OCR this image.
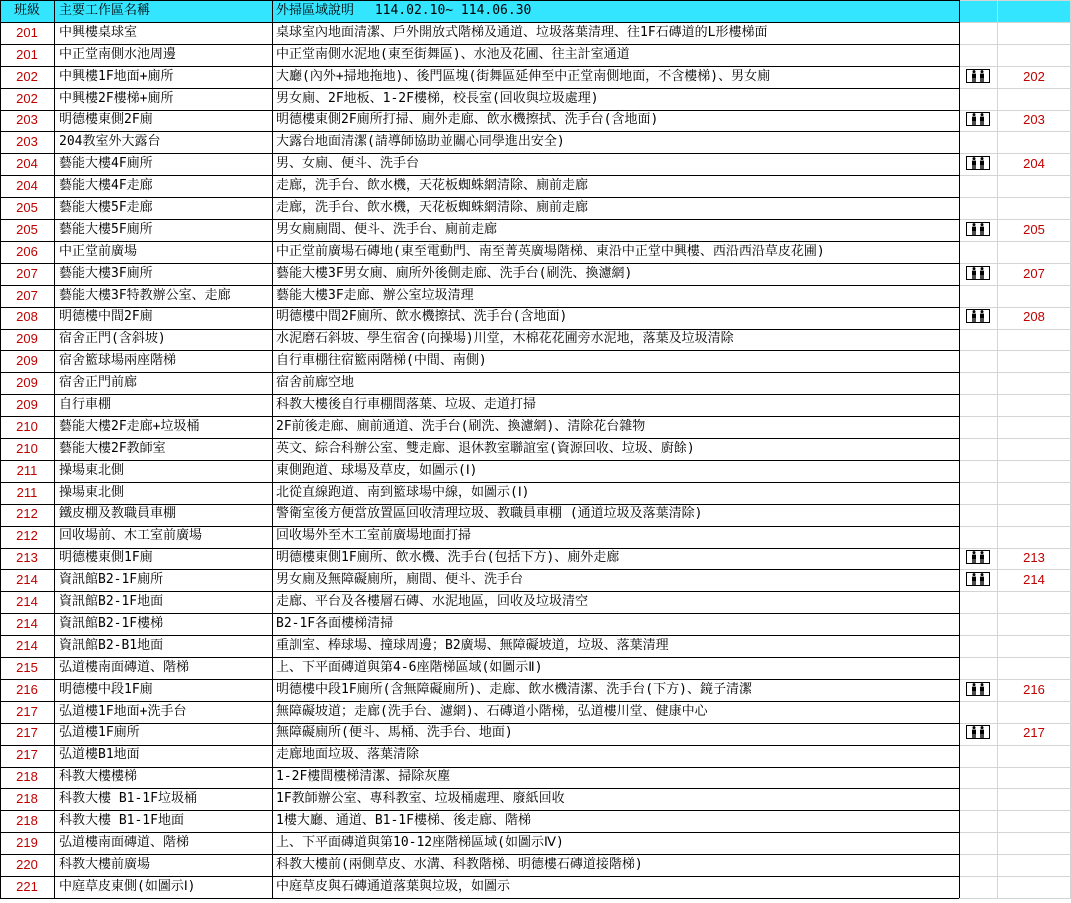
班級	主要工作區名稱	外掃區域說明　 114.02.10~ 114.06.30
201	中興樓桌球室	桌球室內地面清潔、戶外開放式階梯及通道、垃圾落葉清理、往1F石磚道的L形樓梯面
201	中正堂南側水池周邊	中正堂南側水泥地(東至街舞區)、水池及花圃、往主計室通道
202	中興樓1F地面+廁所	大廳(內外+掃地拖地)、後門區塊(街舞區延伸至中正堂南側地面，不含樓梯)、男女廁	202
202	中興樓2F樓梯+廁所	男女廁、2F地板、1-2F樓梯，校長室(回收與垃圾處理)
203	明德樓東側2F廁	明德樓東側2F廁所打掃、廁外走廊、飲水機擦拭、洗手台(含地面)	203
203	204教室外大露台	大露台地面清潔(請導師協助並關心同學進出安全)
204	藝能大樓4F廁所	男、女廁、便斗、洗手台	204
204	藝能大樓4F走廊	走廊，洗手台、飲水機，天花板蜘蛛網清除、廁前走廊
205	藝能大樓5F走廊	走廊，洗手台、飲水機，天花板蜘蛛網清除、廁前走廊
205	藝能大樓5F廁所	男女廁廁間、便斗、洗手台、廁前走廊	205
206	中正堂前廣場	中正堂前廣場石磚地(東至電動門、南至菁英廣場階梯、東沿中正堂中興樓、西沿西沿草皮花圃)
207	藝能大樓3F廁所	藝能大樓3F男女廁、廁所外後側走廊、洗手台(刷洗、換濾網)	207
207	藝能大樓3F特教辦公室、走廊	藝能大樓3F走廊、辦公室垃圾清理
208	明德樓中間2F廁	明德樓中間2F廁所、飲水機擦拭、洗手台(含地面)	208
209	宿舍正門(含斜坡)	水泥磨石斜坡、學生宿舍(向操場)川堂，木棉花花圃旁水泥地，落葉及垃圾清除
209	宿舍籃球場兩座階梯	自行車棚往宿籃兩階梯(中間、南側)
209	宿舍正門前廊	宿舍前廊空地
209	自行車棚	科教大樓後自行車棚間落葉、垃圾、走道打掃
210	藝能大樓2F走廊+垃圾桶	2F前後走廊、廁前通道、洗手台(刷洗、換濾網)、清除花台雜物
210	藝能大樓2F教師室	英文、綜合科辦公室、雙走廊、退休教室聯誼室(資源回收、垃圾、廚餘)
211	操場東北側	東側跑道、球場及草皮，如圖示(Ⅰ)
211	操場東北側	北從直線跑道、南到籃球場中線，如圖示(Ⅰ)
212	鐵皮棚及教職員車棚	警衛室後方便當放置區回收清理垃圾、教職員車棚 (通道垃圾及落葉清除)
212	回收場前、木工室前廣場	回收場外至木工室前廣場地面打掃
213	明德樓東側1F廁	明德樓東側1F廁所、飲水機、洗手台(包括下方)、廁外走廊	213
214	資訊館B2-1F廁所	男女廁及無障礙廁所，廁間、便斗、洗手台	214
214	資訊館B2-1F地面	走廊、平台及各樓層石磚、水泥地區，回收及垃圾清空
214	資訊館B2-1F樓梯	B2-1F各面樓梯清掃
214	資訊館B2-B1地面	重訓室、棒球場、撞球周邊；B2廣場、無障礙坡道，垃圾、落葉清理
215	弘道樓南面磚道、階梯	上、下平面磚道與第4-6座階梯區域(如圖示Ⅱ)
216	明德樓中段1F廁	明德樓中段1F廁所(含無障礙廁所)、走廊、飲水機清潔、洗手台(下方)、鏡子清潔	216
217	弘道樓1F地面+洗手台	無障礙坡道；走廊(洗手台、濾網)、石磚道小階梯，弘道樓川堂、健康中心
217	弘道樓1F廁所	無障礙廁所(便斗、馬桶、洗手台、地面)	217
217	弘道樓B1地面	走廊地面垃圾、落葉清除
218	科教大樓樓梯	1-2F樓間樓梯清潔、掃除灰塵
218	科教大樓 B1-1F垃圾桶	1F教師辦公室、專科教室、垃圾桶處理、廢紙回收
218	科教大樓 B1-1F地面	1樓大廳、通道、B1-1F樓梯、後走廊、階梯
219	弘道樓南面磚道、階梯	上、下平面磚道與第10-12座階梯區域(如圖示Ⅳ)
220	科教大樓前廣場	科教大樓前(兩側草皮、水溝、科教階梯、明德樓石磚道接階梯)
221	中庭草皮東側(如圖示Ⅰ)	中庭草皮與石磚通道落葉與垃圾，如圖示
